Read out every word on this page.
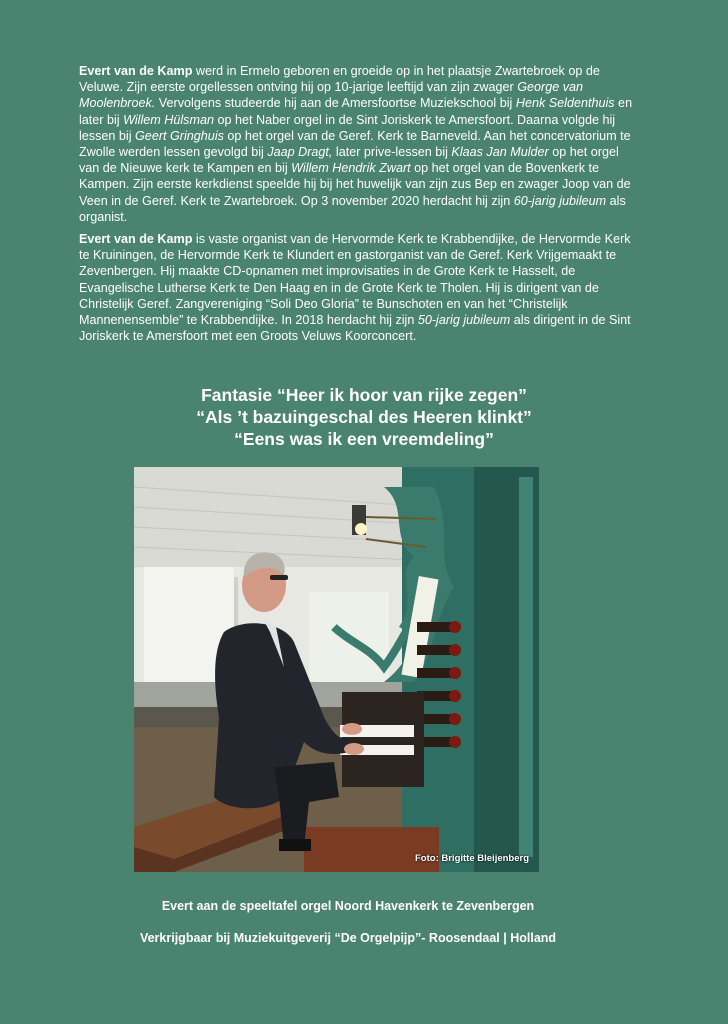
Evert van de Kamp werd in Ermelo geboren en groeide op in het plaatsje Zwartebroek op de Veluwe. Zijn eerste orgellessen ontving hij op 10-jarige leeftijd van zijn zwager George van Moolenbroek. Vervolgens studeerde hij aan de Amersfoortse Muziekschool bij Henk Seldenthuis en later bij Willem Hülsman op het Naber orgel in de Sint Joriskerk te Amersfoort. Daarna volgde hij lessen bij Geert Gringhuis op het orgel van de Geref. Kerk te Barneveld. Aan het concervatorium te Zwolle werden lessen gevolgd bij Jaap Dragt, later prive-lessen bij Klaas Jan Mulder op het orgel van de Nieuwe kerk te Kampen en bij Willem Hendrik Zwart op het orgel van de Bovenkerk te Kampen. Zijn eerste kerkdienst speelde hij bij het huwelijk van zijn zus Bep en zwager Joop van de Veen in de Geref. Kerk te Zwartebroek. Op 3 november 2020 herdacht hij zijn 60-jarig jubileum als organist.

Evert van de Kamp is vaste organist van de Hervormde Kerk te Krabbendijke, de Hervormde Kerk te Kruiningen, de Hervormde Kerk te Klundert en gastorganist van de Geref. Kerk Vrijgemaakt te Zevenbergen. Hij maakte CD-opnamen met improvisaties in de Grote Kerk te Hasselt, de Evangelische Lutherse Kerk te Den Haag en in de Grote Kerk te Tholen. Hij is dirigent van de Christelijk Geref. Zangvereniging “Soli Deo Gloria” te Bunschoten en van het “Christelijk Mannenensemble” te Krabbendijke. In 2018 herdacht hij zijn 50-jarig jubileum als dirigent in de Sint Joriskerk te Amersfoort met een Groots Veluws Koorconcert.

Fantasie “Heer ik hoor van rijke zegen”
“Als ’t bazuingeschal des Heeren klinkt”
“Eens was ik een vreemdeling”
Foto: Brigitte Bleijenberg
Evert aan de speeltafel orgel Noord Havenkerk te Zevenbergen
Verkrijgbaar bij Muziekuitgeverij “De Orgelpijp”- Roosendaal | Holland
